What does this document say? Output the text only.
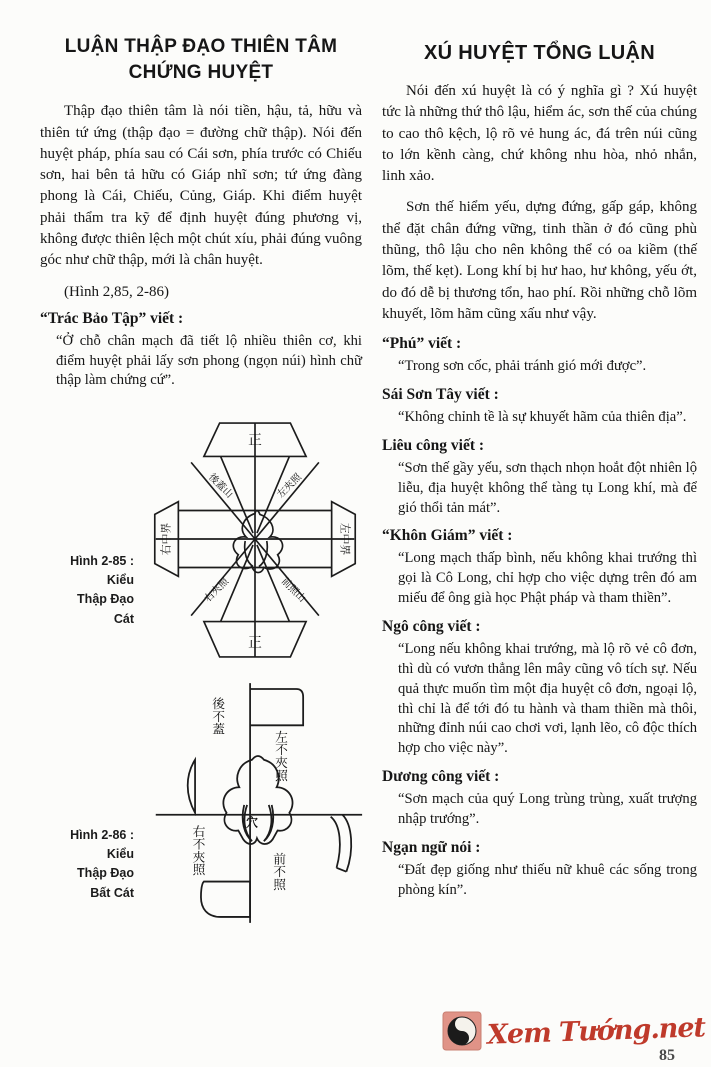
LUẬN THẬP ĐẠO THIÊN TÂM CHỨNG HUYỆT

Thập đạo thiên tâm là nói tiền, hậu, tả, hữu và thiên tứ ứng (thập đạo = đường chữ thập). Nói đến huyệt pháp, phía sau có Cái sơn, phía trước có Chiếu sơn, hai bên tả hữu có Giáp nhĩ sơn; tứ ứng đàng phong là Cái, Chiếu, Củng, Giáp. Khi điểm huyệt phải thẩm tra kỹ để định huyệt đúng phương vị, không được thiên lệch một chút xíu, phải đúng vuông góc như chữ thập, mới là chân huyệt.

(Hình 2,85, 2-86)
“Trác Bảo Tập” viết :
“Ở chỗ chân mạch đã tiết lộ nhiều thiên cơ, khi điểm huyệt phải lấy sơn phong (ngọn núi) hình chữ thập làm chứng cứ”.
Hình 2-85 :
Kiểu
Thập Đạo
Cát
正
正
右中界	左中界
後蓋山	左夾照
右夾照	前照山
Hình 2-86 :
Kiểu
Thập Đạo
Bất Cát
後不蓋
左不夾照
右不夾照	前不照
穴
XÚ HUYỆT TỔNG LUẬN

Nói đến xú huyệt là có ý nghĩa gì ? Xú huyệt tức là những thứ thô lậu, hiểm ác, sơn thế của chúng to cao thô kệch, lộ rõ vẻ hung ác, đá trên núi cũng to lớn kềnh càng, chứ không nhu hòa, nhỏ nhắn, linh xảo.

Sơn thế hiểm yếu, dựng đứng, gấp gáp, không thể đặt chân đứng vững, tinh thần ở đó cũng phù thũng, thô lậu cho nên không thể có oa kiềm (thế lõm, thế kẹt). Long khí bị hư hao, hư không, yếu ớt, do đó dễ bị thương tổn, hao phí. Rồi những chỗ lõm khuyết, lõm hãm cũng xấu như vậy.

“Phú” viết :
“Trong sơn cốc, phải tránh gió mới được”.
Sái Sơn Tây viết :
“Không chỉnh tề là sự khuyết hãm của thiên địa”.
Liêu công viết :
“Sơn thế gầy yếu, sơn thạch nhọn hoắt đột nhiên lộ liễu, địa huyệt không thể tàng tụ Long khí, mà để gió thổi tản mát”.
“Khôn Giám” viết :
“Long mạch thấp bình, nếu không khai trướng thì gọi là Cô Long, chỉ hợp cho việc dựng trên đó am miếu để ông già học Phật pháp và tham thiền”.
Ngô công viết :
“Long nếu không khai trướng, mà lộ rõ vẻ cô đơn, thì dù có vươn thẳng lên mây cũng vô tích sự. Nếu quả thực muốn tìm một địa huyệt cô đơn, ngoại lộ, thì chỉ là để tới đó tu hành và tham thiền mà thôi, những đỉnh núi cao chơi vơi, lạnh lẽo, cô độc thích hợp cho việc này”.
Dương công viết :
“Sơn mạch của quý Long trùng trùng, xuất trượng nhập trướng”.
Ngạn ngữ nói :
“Đất đẹp giống như thiếu nữ khuê các sống trong phòng kín”.
Xem Tướng.net
85
